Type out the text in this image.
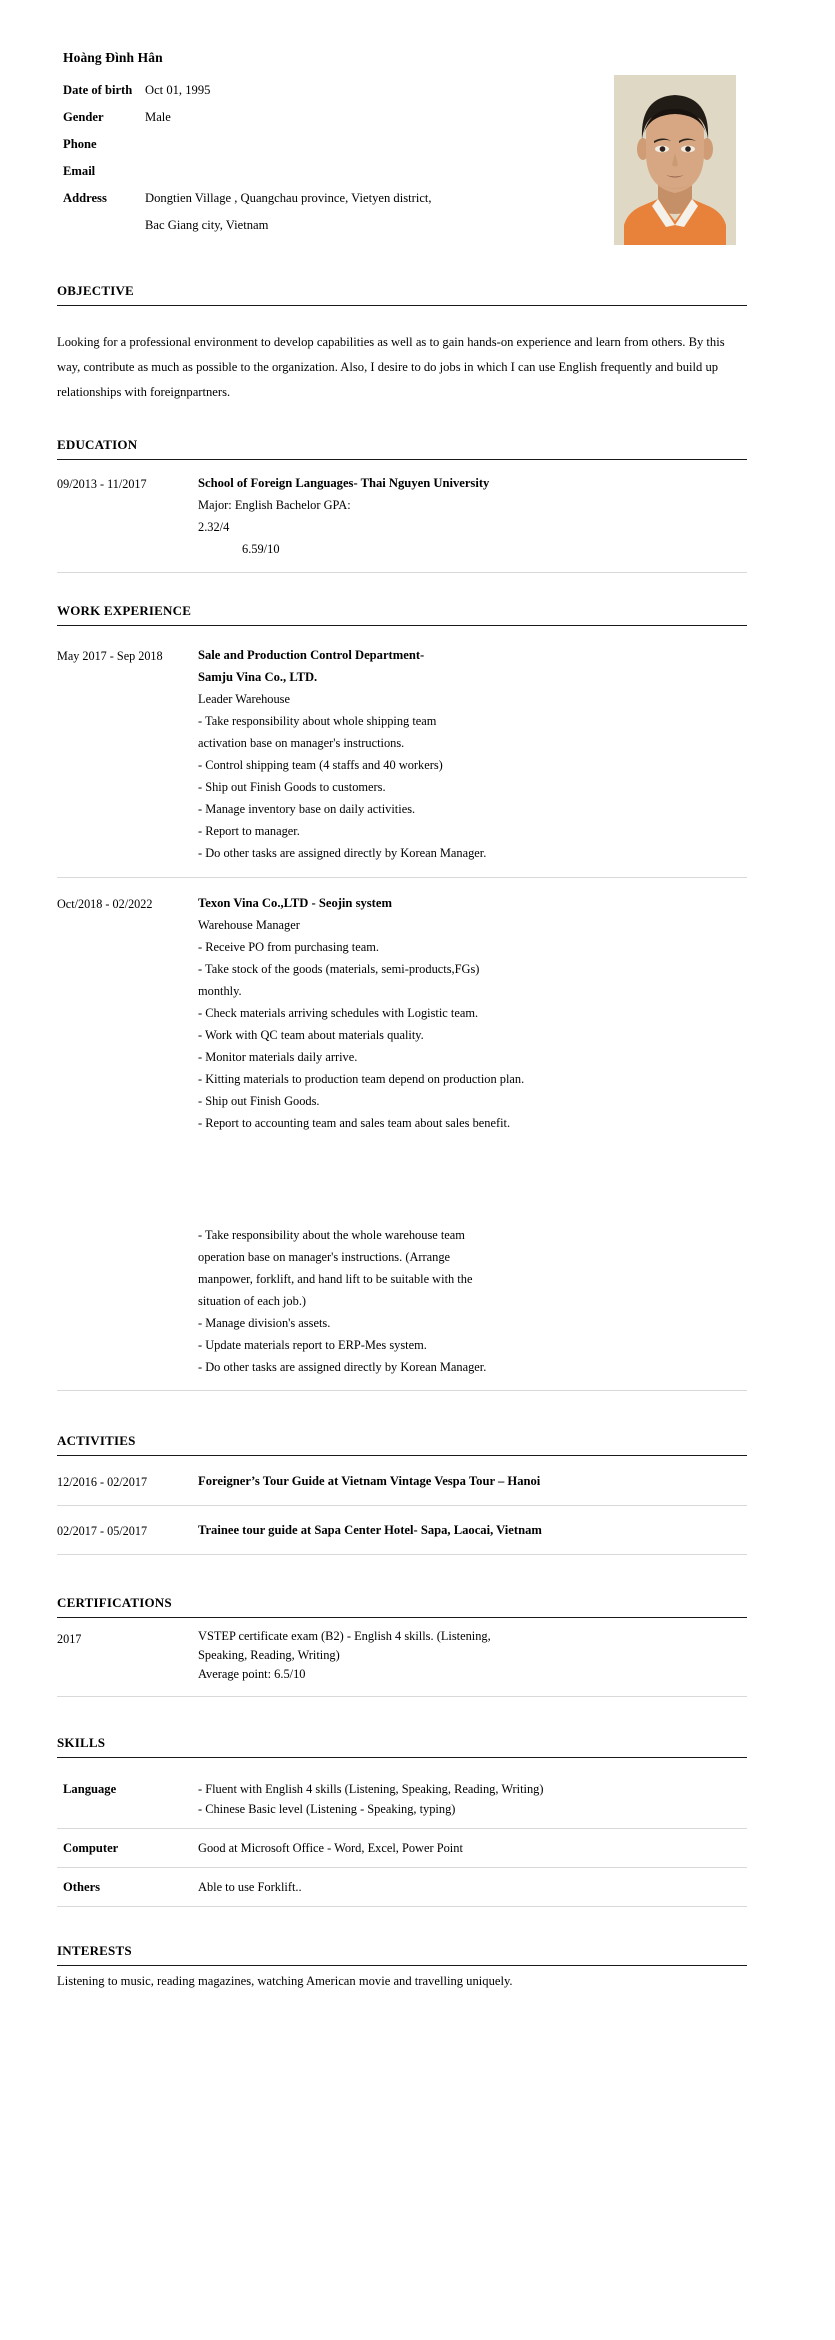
Hoàng Đình Hân
Date of birth	Oct 01, 1995
Gender	Male
Phone	
Email	
Address	Dongtien Village , Quangchau province, Vietyen district,
	Bac Giang city, Vietnam
OBJECTIVE
Looking for a professional environment to develop capabilities as well as to gain hands-on experience and learn from others. By this way, contribute as much as possible to the organization. Also, I desire to do jobs in which I can use English frequently and build up relationships with foreignpartners.
EDUCATION
09/2013 - 11/2017	School of Foreign Languages- Thai Nguyen University
Major: English Bachelor GPA:
2.32/4
6.59/10
WORK EXPERIENCE
May 2017 - Sep 2018	Sale and Production Control Department- Samju Vina Co., LTD.
Leader Warehouse
- Take responsibility about whole shipping team activation base on manager's instructions.
- Control shipping team (4 staffs and 40 workers)
- Ship out Finish Goods to customers.
- Manage inventory base on daily activities.
- Report to manager.
- Do other tasks are assigned directly by Korean Manager.
Oct/2018 - 02/2022	Texon Vina Co.,LTD - Seojin system
Warehouse Manager
- Receive PO from purchasing team.
- Take stock of the goods (materials, semi-products,FGs) monthly.
- Check materials arriving schedules with Logistic team.
- Work with QC team about materials quality.
- Monitor materials daily arrive.
- Kitting materials to production team depend on production plan.
- Ship out Finish Goods.
- Report to accounting team and sales team about sales benefit.
- Take responsibility about the whole warehouse team operation base on manager's instructions. (Arrange manpower, forklift, and hand lift to be suitable with the situation of each job.)
- Manage division's assets.
- Update materials report to ERP-Mes system.
- Do other tasks are assigned directly by Korean Manager.
ACTIVITIES
12/2016 - 02/2017	Foreigner’s Tour Guide at Vietnam Vintage Vespa Tour – Hanoi
02/2017 - 05/2017	Trainee tour guide at Sapa Center Hotel- Sapa, Laocai, Vietnam
CERTIFICATIONS
2017	VSTEP certificate exam (B2) - English 4 skills. (Listening, Speaking, Reading, Writing)
Average point: 6.5/10
SKILLS
Language	- Fluent with English 4 skills (Listening, Speaking, Reading, Writing)
- Chinese Basic level (Listening - Speaking, typing)
Computer	Good at Microsoft Office - Word, Excel, Power Point
Others	Able to use Forklift..
INTERESTS
Listening to music, reading magazines, watching American movie and travelling uniquely.
